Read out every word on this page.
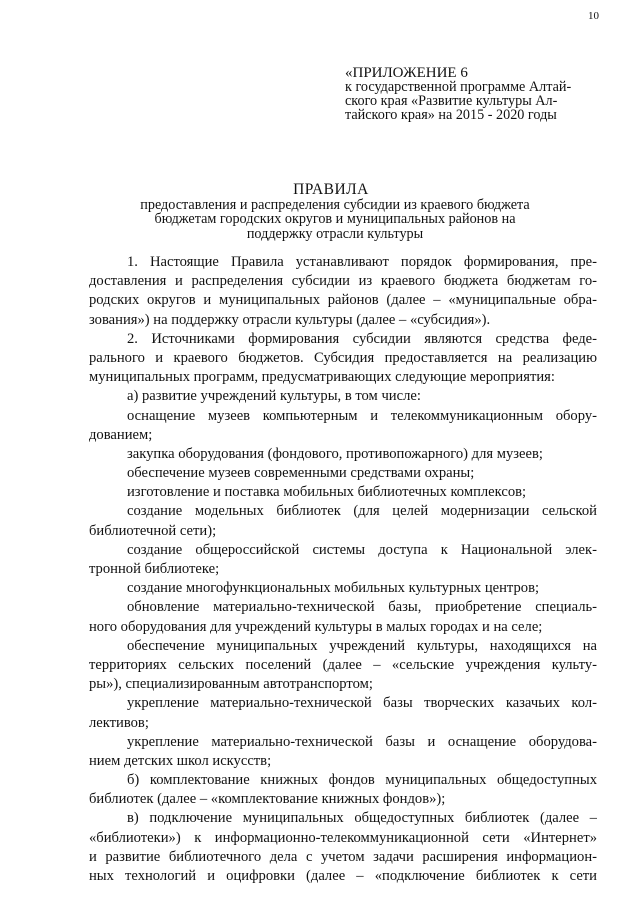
10
«ПРИЛОЖЕНИЕ 6
к государственной программе Алтай-
ского края «Развитие культуры Ал-
тайского края» на 2015 - 2020 годы
ПРАВИЛА
предоставления и распределения субсидии из краевого бюджета
бюджетам городских округов и муниципальных районов на
поддержку отрасли культуры
1. Настоящие Правила устанавливают порядок формирования, пре-
доставления и распределения субсидии из краевого бюджета бюджетам го-
родских округов и муниципальных районов (далее – «муниципальные обра-
зования») на поддержку отрасли культуры (далее – «субсидия»).
2. Источниками формирования субсидии являются средства феде-
рального и краевого бюджетов. Субсидия предоставляется на реализацию
муниципальных программ, предусматривающих следующие мероприятия:
а) развитие учреждений культуры, в том числе:
оснащение музеев компьютерным и телекоммуникационным обору-
дованием;
закупка оборудования (фондового, противопожарного) для музеев;
обеспечение музеев современными средствами охраны;
изготовление и поставка мобильных библиотечных комплексов;
создание модельных библиотек (для целей модернизации сельской
библиотечной сети);
создание общероссийской системы доступа к Национальной элек-
тронной библиотеке;
создание многофункциональных мобильных культурных центров;
обновление материально-технической базы, приобретение специаль-
ного оборудования для учреждений культуры в малых городах и на селе;
обеспечение муниципальных учреждений культуры, находящихся на
территориях сельских поселений (далее – «сельские учреждения культу-
ры»), специализированным автотранспортом;
укрепление материально-технической базы творческих казачьих кол-
лективов;
укрепление материально-технической базы и оснащение оборудова-
нием детских школ искусств;
б) комплектование книжных фондов муниципальных общедоступных
библиотек (далее – «комплектование книжных фондов»);
в) подключение муниципальных общедоступных библиотек (далее –
«библиотеки») к информационно-телекоммуникационной сети «Интернет»
и развитие библиотечного дела с учетом задачи расширения информацион-
ных технологий и оцифровки (далее – «подключение библиотек к сети
